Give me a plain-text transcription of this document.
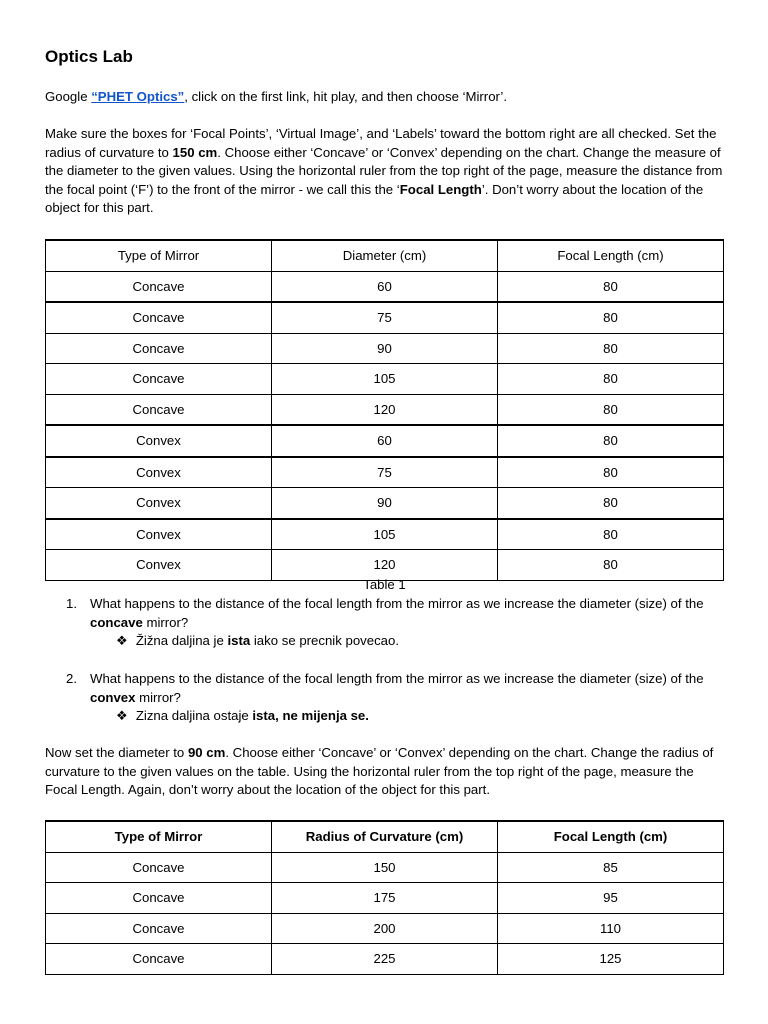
Optics Lab

Google “PHET Optics”, click on the first link, hit play, and then choose ‘Mirror’.

Make sure the boxes for ‘Focal Points’, ‘Virtual Image’, and ‘Labels’ toward the bottom right are all checked. Set the radius of curvature to 150 cm. Choose either ‘Concave’ or ‘Convex’ depending on the chart. Change the measure of the diameter to the given values. Using the horizontal ruler from the top right of the page, measure the distance from the focal point (‘F’) to the front of the mirror - we call this the ‘Focal Length’. Don’t worry about the location of the object for this part.

Type of Mirror	Diameter (cm)	Focal Length (cm)
Concave	60	80
Concave	75	80
Concave	90	80
Concave	105	80
Concave	120	80
Convex	60	80
Convex	75	80
Convex	90	80
Convex	105	80
Convex	120	80
Table 1
1. What happens to the distance of the focal length from the mirror as we increase the diameter (size) of the concave mirror?
❖ Žižna daljina je ista iako se precnik povecao.
2. What happens to the distance of the focal length from the mirror as we increase the diameter (size) of the convex mirror?
❖ Zizna daljina ostaje ista, ne mijenja se.

Now set the diameter to 90 cm. Choose either ‘Concave’ or ‘Convex’ depending on the chart. Change the radius of curvature to the given values on the table. Using the horizontal ruler from the top right of the page, measure the Focal Length. Again, don’t worry about the location of the object for this part.

Type of Mirror	Radius of Curvature (cm)	Focal Length (cm)
Concave	150	85
Concave	175	95
Concave	200	110
Concave	225	125
